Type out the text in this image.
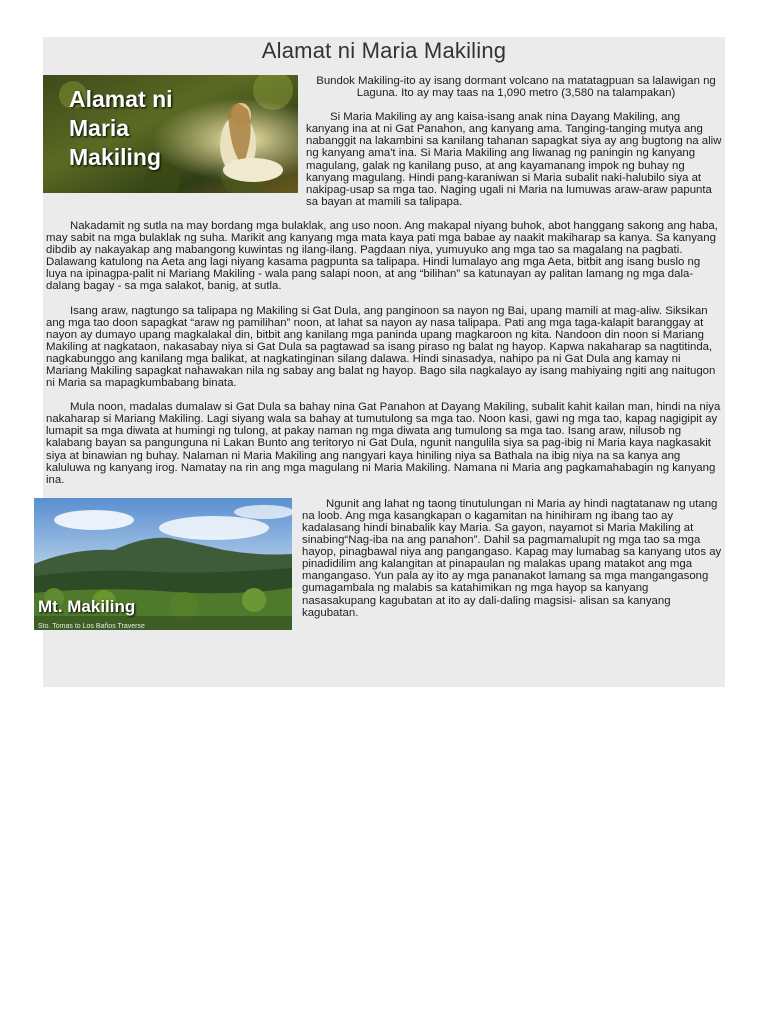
Alamat ni Maria Makiling
Alamat ni
Maria
Makiling

Bundok Makiling-ito ay isang dormant volcano na matatagpuan sa lalawigan ng Laguna. Ito ay may taas na 1,090 metro (3,580 na talampakan)

Si Maria Makiling ay ang kaisa-isang anak nina Dayang Makiling, ang kanyang ina at ni Gat Panahon, ang kanyang ama. Tanging-tanging mutya ang nabanggit na lakambini sa kanilang tahanan sapagkat siya ay ang bugtong na aliw ng kanyang ama't ina. Si Maria Makiling ang liwanag ng paningin ng kanyang magulang, galak ng kanilang puso, at ang kayamanang impok ng buhay ng kanyang magulang. Hindi pang-karaniwan si Maria subalit naki-halubilo siya at nakipag-usap sa mga tao. Naging ugali ni Maria na lumuwas araw-araw papunta sa bayan at mamili sa talipapa.

Nakadamit ng sutla na may bordang mga bulaklak, ang uso noon. Ang makapal niyang buhok, abot hanggang sakong ang haba, may sabit na mga bulaklak ng suha. Marikit ang kanyang mga mata kaya pati mga babae ay naakit makiharap sa kanya. Sa kanyang dibdib ay nakayakap ang mabangong kuwintas ng ilang-ilang. Pagdaan niya, yumuyuko ang mga tao sa magalang na pagbati. Dalawang katulong na Aeta ang lagi niyang kasama pagpunta sa talipapa. Hindi lumalayo ang mga Aeta, bitbit ang isang buslo ng luya na ipinagpa-palit ni Mariang Makiling - wala pang salapi noon, at ang “bilihan” sa katunayan ay palitan lamang ng mga dala-dalang bagay - sa mga salakot, banig, at sutla.

Isang araw, nagtungo sa talipapa ng Makiling si Gat Dula, ang panginoon sa nayon ng Bai, upang mamili at mag-aliw. Siksikan ang mga tao doon sapagkat “araw ng pamilihan” noon, at lahat sa nayon ay nasa talipapa. Pati ang mga taga-kalapit baranggay at nayon ay dumayo upang magkalakal din, bitbit ang kanilang mga paninda upang magkaroon ng kita. Nandoon din noon si Mariang Makiling at nagkataon, nakasabay niya si Gat Dula sa pagtawad sa isang piraso ng balat ng hayop. Kapwa nakaharap sa nagtitinda, nagkabunggo ang kanilang mga balikat, at nagkatinginan silang dalawa. Hindi sinasadya, nahipo pa ni Gat Dula ang kamay ni Mariang Makiling sapagkat nahawakan nila ng sabay ang balat ng hayop. Bago sila nagkalayo ay isang mahiyaing ngiti ang naitugon ni Maria sa mapagkumbabang binata.

Mula noon, madalas dumalaw si Gat Dula sa bahay nina Gat Panahon at Dayang Makiling, subalit kahit kailan man, hindi na niya nakaharap si Mariang Makiling. Lagi siyang wala sa bahay at tumutulong sa mga tao. Noon kasi, gawi ng mga tao, kapag nagigipit ay lumapit sa mga diwata at humingi ng tulong, at pakay naman ng mga diwata ang tumulong sa mga tao. Isang araw, nilusob ng kalabang bayan sa pangunguna ni Lakan Bunto ang teritoryo ni Gat Dula, ngunit nangulila siya sa pag-ibig ni Maria kaya nagkasakit siya at binawian ng buhay. Nalaman ni Maria Makiling ang nangyari kaya hiniling niya sa Bathala na ibig niya na sa kanya ang kaluluwa ng kanyang irog. Namatay na rin ang mga magulang ni Maria Makiling. Namana ni Maria ang pagkamahabagin ng kanyang ina.

Mt. Makiling
Sto. Tomas to Los Baños Traverse

Ngunit ang lahat ng taong tinutulungan ni Maria ay hindi nagtatanaw ng utang na loob. Ang mga kasangkapan o kagamitan na hinihiram ng ibang tao ay kadalasang hindi binabalik kay Maria. Sa gayon, nayamot si Maria Makiling at sinabing“Nag-iba na ang panahon”. Dahil sa pagmamalupit ng mga tao sa mga hayop, pinagbawal niya ang pangangaso. Kapag may lumabag sa kanyang utos ay pinadidilim ang kalangitan at pinapaulan ng malakas upang matakot ang mga mangangaso. Yun pala ay ito ay mga pananakot lamang sa mga mangangasong gumagambala ng malabis sa katahimikan ng mga hayop sa kanyang nasasakupang kagubatan at ito ay dali-daling magsisi- alisan sa kanyang kagubatan.
